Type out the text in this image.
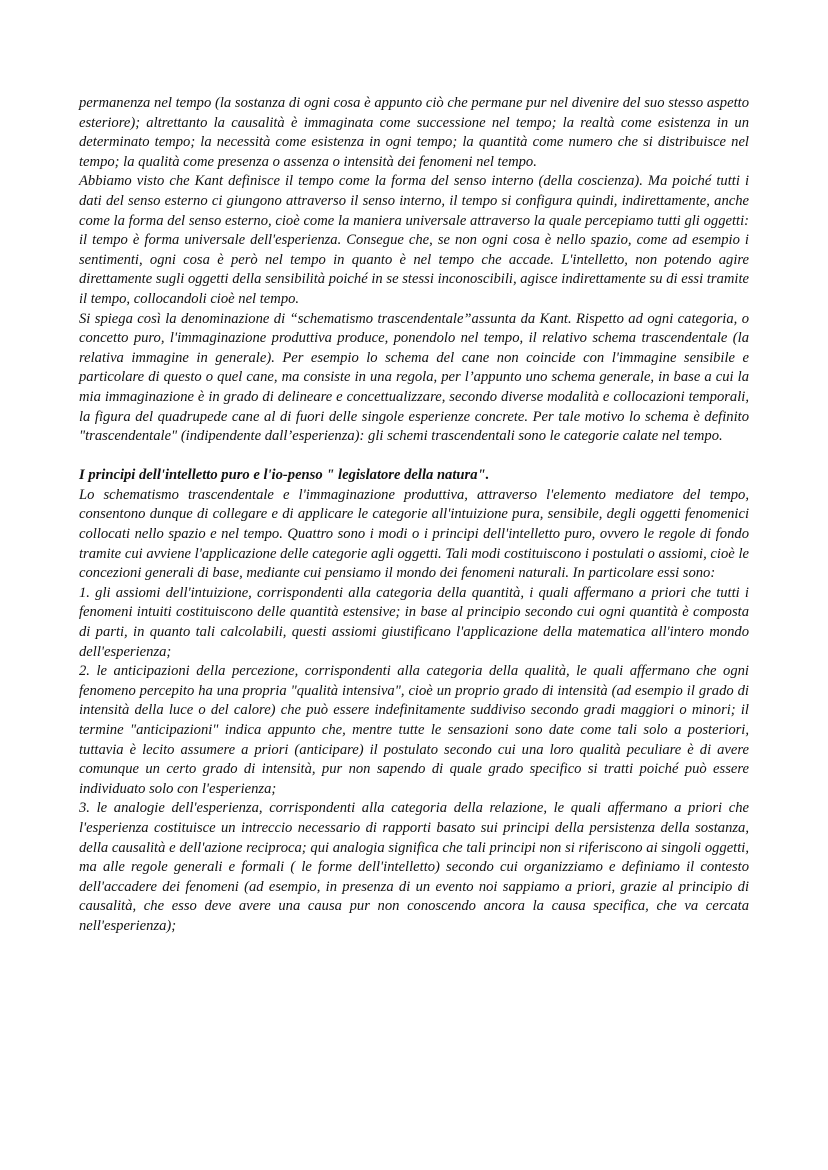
permanenza nel tempo (la sostanza di ogni cosa è appunto ciò che permane pur nel divenire del suo stesso aspetto esteriore); altrettanto la causalità è immaginata come successione nel tempo; la realtà come esistenza in un determinato tempo; la necessità come esistenza in ogni tempo; la quantità come numero che si distribuisce nel tempo; la qualità come presenza o assenza o intensità dei fenomeni nel tempo.

Abbiamo visto che Kant definisce il tempo come la forma del senso interno (della coscienza). Ma poiché tutti i dati del senso esterno ci giungono attraverso il senso interno, il tempo si configura quindi, indirettamente, anche come la forma del senso esterno, cioè come la maniera universale attraverso la quale percepiamo tutti gli oggetti: il tempo è forma universale dell'esperienza. Consegue che, se non ogni cosa è nello spazio, come ad esempio i sentimenti, ogni cosa è però nel tempo in quanto è nel tempo che accade. L'intelletto, non potendo agire direttamente sugli oggetti della sensibilità poiché in se stessi inconoscibili, agisce indirettamente su di essi tramite il tempo, collocandoli cioè nel tempo.

Si spiega così la denominazione di “schematismo trascendentale”assunta da Kant. Rispetto ad ogni categoria, o concetto puro, l'immaginazione produttiva produce, ponendolo nel tempo, il relativo schema trascendentale (la relativa immagine in generale). Per esempio lo schema del cane non coincide con l'immagine sensibile e particolare di questo o quel cane, ma consiste in una regola, per l’appunto uno schema generale, in base a cui la mia immaginazione è in grado di delineare e concettualizzare, secondo diverse modalità e collocazioni temporali, la figura del quadrupede cane al di fuori delle singole esperienze concrete. Per tale motivo lo schema è definito "trascendentale" (indipendente dall’esperienza): gli schemi trascendentali sono le categorie calate nel tempo.

I principi dell'intelletto puro e l'io-penso " legislatore della natura".

Lo schematismo trascendentale e l'immaginazione produttiva, attraverso l'elemento mediatore del tempo, consentono dunque di collegare e di applicare le categorie all'intuizione pura, sensibile, degli oggetti fenomenici collocati nello spazio e nel tempo. Quattro sono i modi o i principi dell'intelletto puro, ovvero le regole di fondo tramite cui avviene l'applicazione delle categorie agli oggetti. Tali modi costituiscono i postulati o assiomi, cioè le concezioni generali di base, mediante cui pensiamo il mondo dei fenomeni naturali. In particolare essi sono:

1. gli assiomi dell'intuizione, corrispondenti alla categoria della quantità, i quali affermano a priori che tutti i fenomeni intuiti costituiscono delle quantità estensive; in base al principio secondo cui ogni quantità è composta di parti, in quanto tali calcolabili, questi assiomi giustificano l'applicazione della matematica all'intero mondo dell'esperienza;

2. le anticipazioni della percezione, corrispondenti alla categoria della qualità, le quali affermano che ogni fenomeno percepito ha una propria "qualità intensiva", cioè un proprio grado di intensità (ad esempio il grado di intensità della luce o del calore) che può essere indefinitamente suddiviso secondo gradi maggiori o minori; il termine "anticipazioni" indica appunto che, mentre tutte le sensazioni sono date come tali solo a posteriori, tuttavia è lecito assumere a priori (anticipare) il postulato secondo cui una loro qualità peculiare è di avere comunque un certo grado di intensità, pur non sapendo di quale grado specifico si tratti poiché può essere individuato solo con l'esperienza;

3. le analogie dell'esperienza, corrispondenti alla categoria della relazione, le quali affermano a priori che l'esperienza costituisce un intreccio necessario di rapporti basato sui principi della persistenza della sostanza, della causalità e dell'azione reciproca; qui analogia significa che tali principi non si riferiscono ai singoli oggetti, ma alle regole generali e formali ( le forme dell'intelletto) secondo cui organizziamo e definiamo il contesto dell'accadere dei fenomeni (ad esempio, in presenza di un evento noi sappiamo a priori, grazie al principio di causalità, che esso deve avere una causa pur non conoscendo ancora la causa specifica, che va cercata nell'esperienza);
